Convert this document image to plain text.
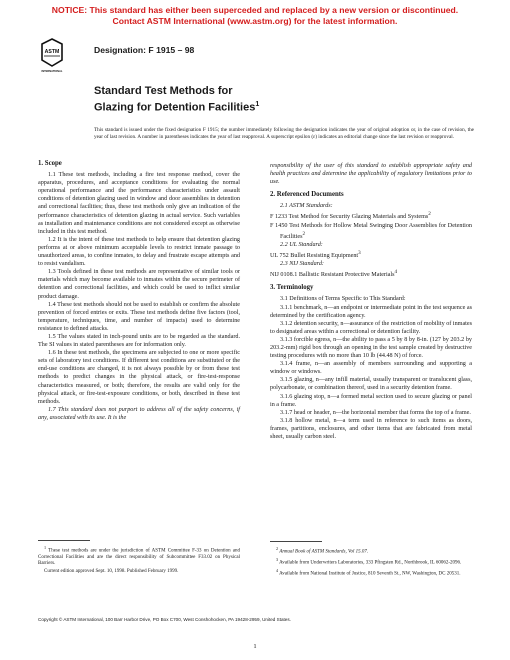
NOTICE: This standard has either been superceded and replaced by a new version or discontinued.
Contact ASTM International (www.astm.org) for the latest information.
ASTM
INTERNATIONAL
Designation: F 1915 – 98
Standard Test Methods for
Glazing for Detention Facilities$^1$
This standard is issued under the fixed designation F 1915; the number immediately following the designation indicates the year of original adoption or, in the case of revision, the year of last revision. A number in parentheses indicates the year of last reapproval. A superscript epsilon (ε) indicates an editorial change since the last revision or reapproval.

1. Scope

1.1 These test methods, including a fire test response method, cover the apparatus, procedures, and acceptance conditions for evaluating the normal operational performance and the performance characteristics under assault conditions of detention glazing used in window and door assemblies in detention and correctional facilities; thus, these test methods only give an indication of the performance characteristics of detention glazing in actual service. Such variables as installation and maintenance conditions are not considered except as otherwise included in this test method.

1.2 It is the intent of these test methods to help ensure that detention glazing performs at or above minimum acceptable levels to restrict inmate passage to unauthorized areas, to confine inmates, to delay and frustrate escape attempts and to resist vandalism.

1.3 Tools defined in these test methods are representative of similar tools or materials which may become available to inmates within the secure perimeter of detention and correctional facilities, and which could be used to inflict similar product damage.

1.4 These test methods should not be used to establish or confirm the absolute prevention of forced entries or exits. These test methods define five factors (tool, temperature, techniques, time, and number of impacts) used to determine resistance to defined attacks.

1.5 The values stated in inch-pound units are to be regarded as the standard. The SI values in stated parentheses are for information only.

1.6 In these test methods, the specimens are subjected to one or more specific sets of laboratory test conditions. If different test conditions are substituted or the end-use conditions are changed, it is not always possible by or from these test methods to predict changes in the physical attack, or fire-test-response characteristics measured, or both; therefore, the results are valid only for the physical attack, or fire-test-exposure conditions, or both, described in these test methods.

1.7 This standard does not purport to address all of the safety concerns, if any, associated with its use. It is the

$^1$ These test methods are under the jurisdiction of ASTM Committee F-33 on Detention and Correctional Facilities and are the direct responsibility of Subcommittee F33.02 on Physical Barriers.

Current edition approved Sept. 10, 1998. Published February 1999.

responsibility of the user of this standard to establish appropriate safety and health practices and determine the applicability of regulatory limitations prior to use.

2. Referenced Documents

2.1 ASTM Standards:

F 1233 Test Method for Security Glazing Materials and Systems$^2$

F 1450 Test Methods for Hollow Metal Swinging Door Assemblies for Detention Facilities$^2$

2.2 UL Standard:

UL 752 Bullet Resisting Equipment$^3$

2.3 NIJ Standard:

NIJ 0108.1 Ballistic Resistant Protective Materials$^4$

3. Terminology

3.1 Definitions of Terms Specific to This Standard:

3.1.1 benchmark, n—an endpoint or intermediate point in the test sequence as determined by the certification agency.

3.1.2 detention security, n—assurance of the restriction of mobility of inmates to designated areas within a correctional or detention facility.

3.1.3 forcible egress, n—the ability to pass a 5 by 8 by 8-in. (127 by 203.2 by 203.2-mm) rigid box through an opening in the test sample created by destructive testing procedures with no more than 10 lb (44.48 N) of force.

3.1.4 frame, n—an assembly of members surrounding and supporting a window or windows.

3.1.5 glazing, n—any infill material, usually transparent or translucent glass, polycarbonate, or combination thereof, used in a security detention frame.

3.1.6 glazing stop, n—a formed metal section used to secure glazing or panel in a frame.

3.1.7 head or header, n—the horizontal member that forms the top of a frame.

3.1.8 hollow metal, n—a term used in reference to such items as doors, frames, partitions, enclosures, and other items that are fabricated from metal sheet, usually carbon steel.

$^2$ Annual Book of ASTM Standards, Vol 15.07.

$^3$ Available from Underwriters Laboratories, 333 Pfingsten Rd., Northbrook, IL 60062-2096.

$^4$ Available from National Institute of Justice, 810 Seventh St., NW, Washington, DC 20531.

Copyright © ASTM International, 100 Barr Harbor Drive, PO Box C700, West Conshohocken, PA 19428-2959, United States.
1
